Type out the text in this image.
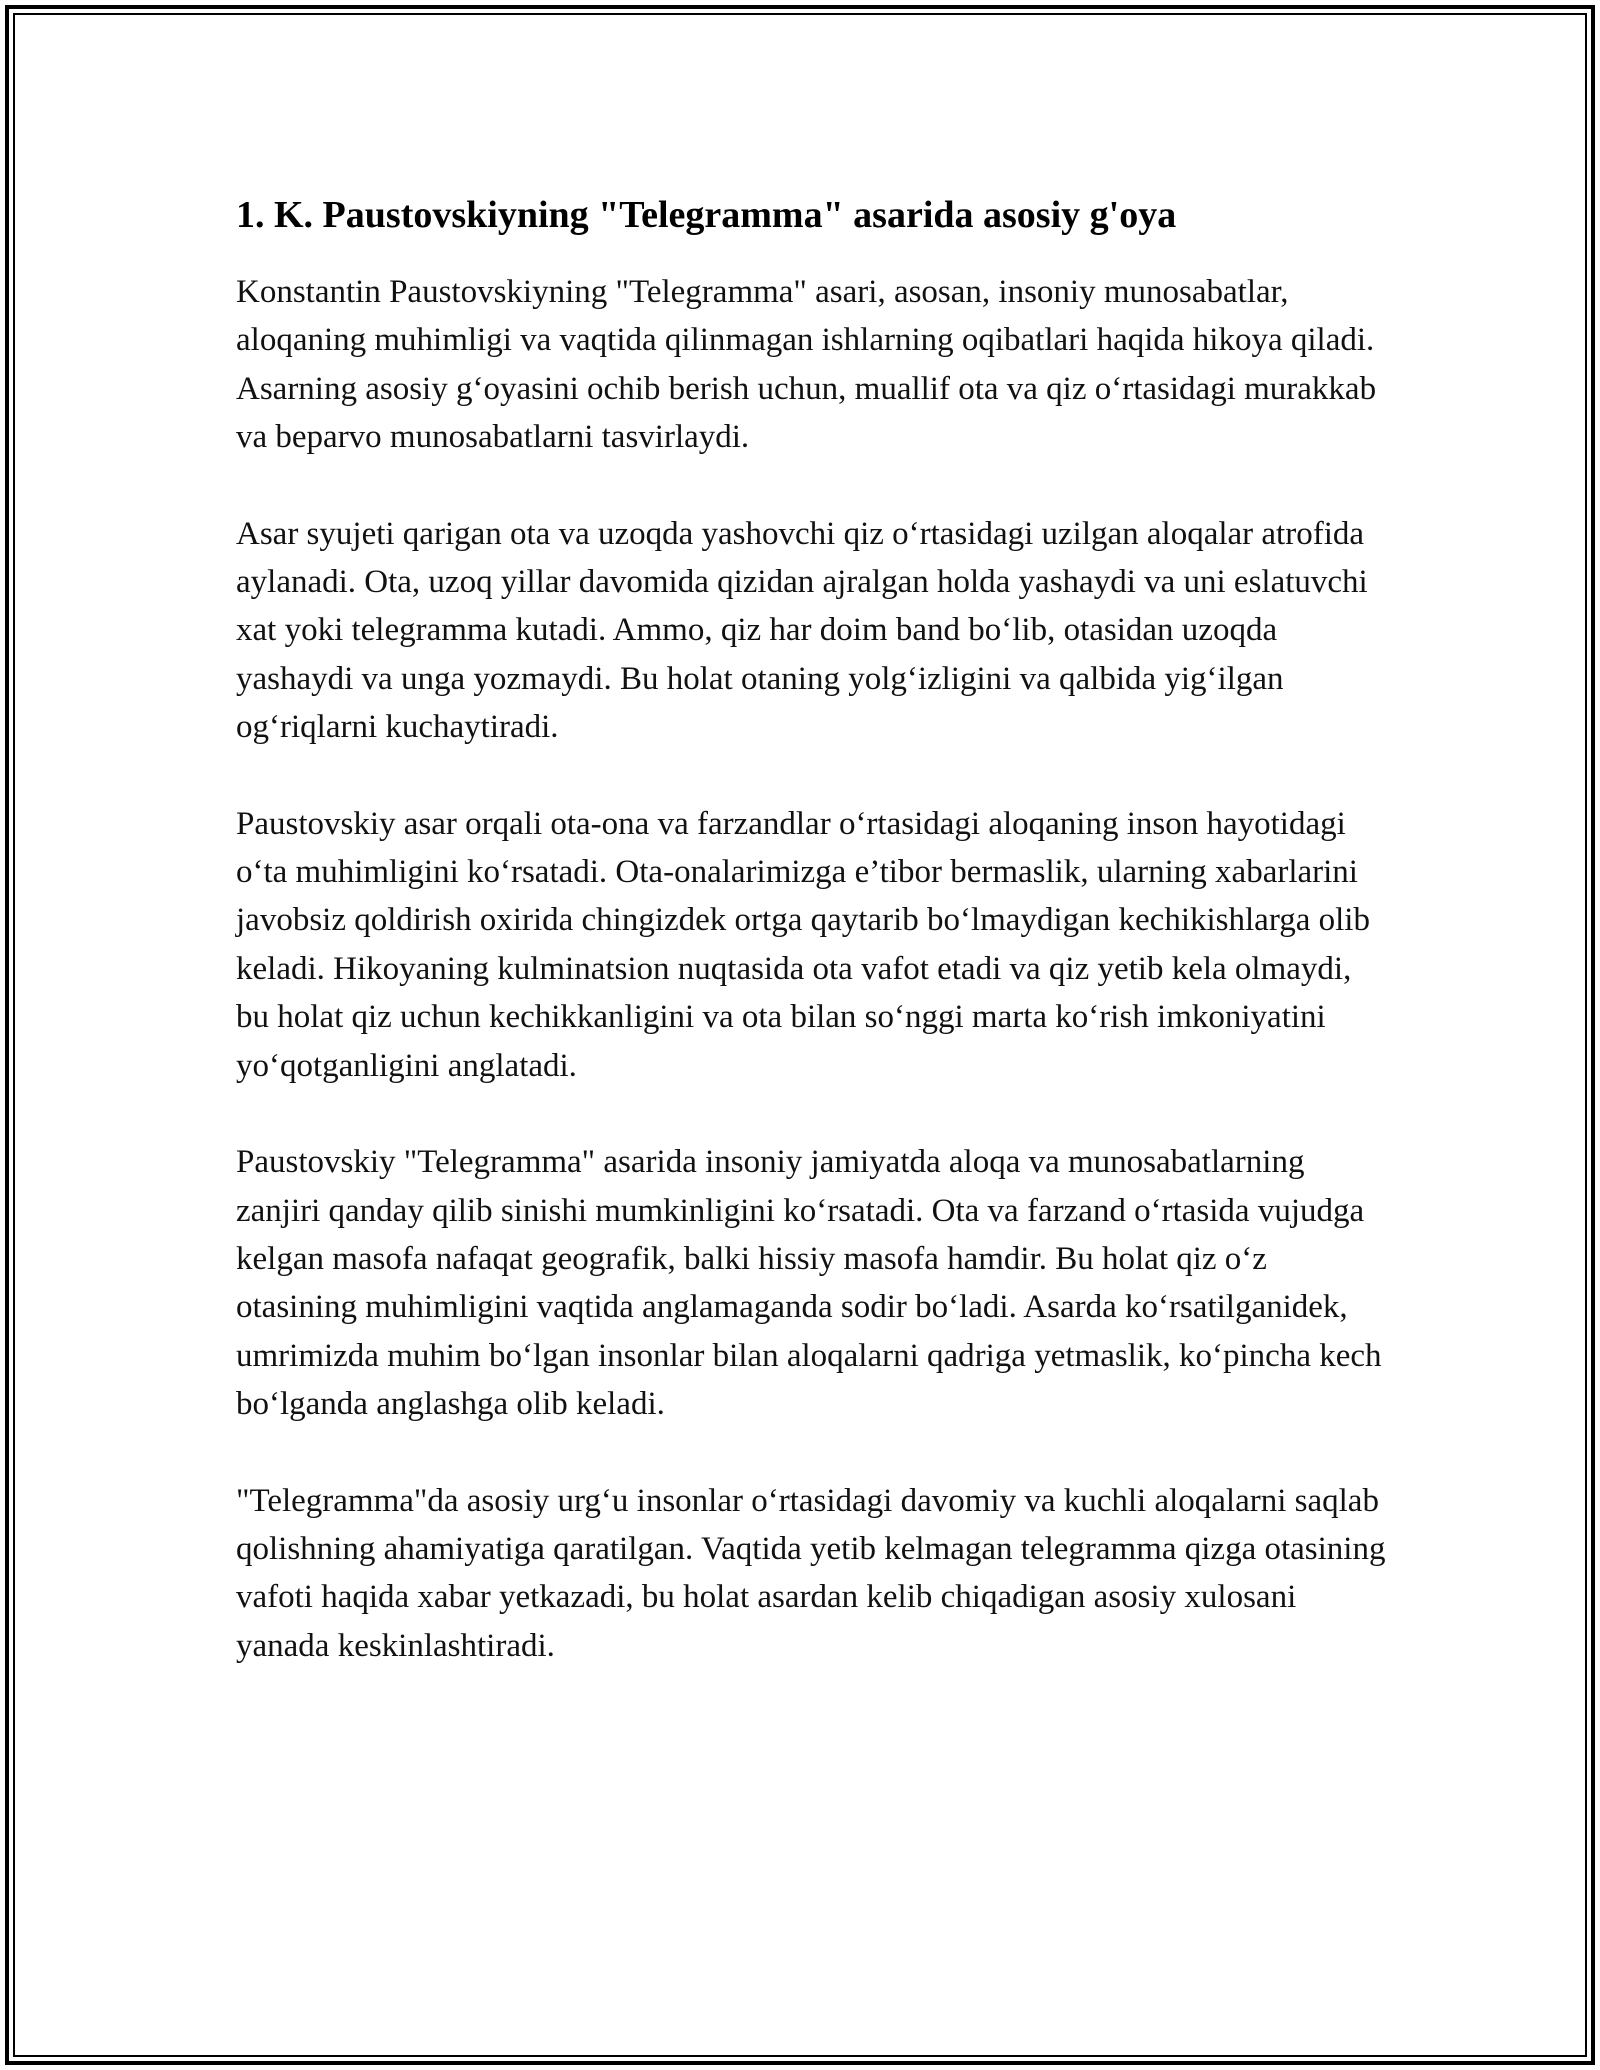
1. K. Paustovskiyning "Telegramma" asarida asosiy g'oya

Konstantin Paustovskiyning "Telegramma" asari, asosan, insoniy munosabatlar, aloqaning muhimligi va vaqtida qilinmagan ishlarning oqibatlari haqida hikoya qiladi. Asarning asosiy g‘oyasini ochib berish uchun, muallif ota va qiz o‘rtasidagi murakkab va beparvo munosabatlarni tasvirlaydi.

Asar syujeti qarigan ota va uzoqda yashovchi qiz o‘rtasidagi uzilgan aloqalar atrofida aylanadi. Ota, uzoq yillar davomida qizidan ajralgan holda yashaydi va uni eslatuvchi xat yoki telegramma kutadi. Ammo, qiz har doim band bo‘lib, otasidan uzoqda yashaydi va unga yozmaydi. Bu holat otaning yolg‘izligini va qalbida yig‘ilgan og‘riqlarni kuchaytiradi.

Paustovskiy asar orqali ota-ona va farzandlar o‘rtasidagi aloqaning inson hayotidagi o‘ta muhimligini ko‘rsatadi. Ota-onalarimizga e’tibor bermaslik, ularning xabarlarini javobsiz qoldirish oxirida chingizdek ortga qaytarib bo‘lmaydigan kechikishlarga olib keladi. Hikoyaning kulminatsion nuqtasida ota vafot etadi va qiz yetib kela olmaydi, bu holat qiz uchun kechikkanligini va ota bilan so‘nggi marta ko‘rish imkoniyatini yo‘qotganligini anglatadi.

Paustovskiy "Telegramma" asarida insoniy jamiyatda aloqa va munosabatlarning zanjiri qanday qilib sinishi mumkinligini ko‘rsatadi. Ota va farzand o‘rtasida vujudga kelgan masofa nafaqat geografik, balki hissiy masofa hamdir. Bu holat qiz o‘z otasining muhimligini vaqtida anglamaganda sodir bo‘ladi. Asarda ko‘rsatilganidek, umrimizda muhim bo‘lgan insonlar bilan aloqalarni qadriga yetmaslik, ko‘pincha kech bo‘lganda anglashga olib keladi.

"Telegramma"da asosiy urg‘u insonlar o‘rtasidagi davomiy va kuchli aloqalarni saqlab qolishning ahamiyatiga qaratilgan. Vaqtida yetib kelmagan telegramma qizga otasining vafoti haqida xabar yetkazadi, bu holat asardan kelib chiqadigan asosiy xulosani yanada keskinlashtiradi.
